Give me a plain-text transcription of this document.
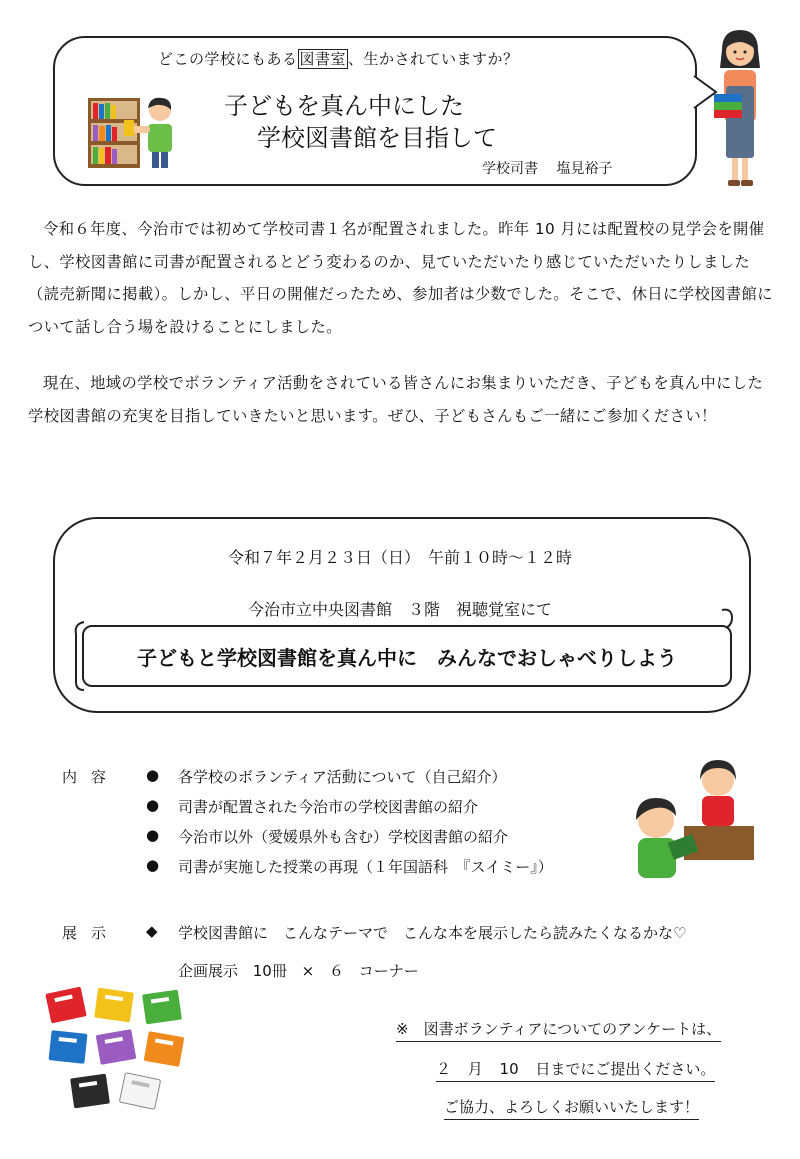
どこの学校にもある 図書室 、生かされていますか？
子どもを真ん中にした
学校図書館を目指して
学校司書 塩見裕子

令和６年度、今治市では初めて学校司書１名が配置されました。昨年 10 月には配置校の見学会を開催し、学校図書館に司書が配置されるとどう変わるのか、見ていただいたり感じていただいたりしました（読売新聞に掲載）。しかし、平日の開催だったため、参加者は少数でした。そこで、休日に学校図書館について話し合う場を設けることにしました。

現在、地域の学校でボランティア活動をされている皆さんにお集まりいただき、子どもを真ん中にした学校図書館の充実を目指していきたいと思います。ぜひ、子どもさんもご一緒にご参加ください！

令和７年２月２３日（日）　午前１０時～１２時
今治市立中央図書館　３階　視聴覚室にて
子どもと学校図書館を真ん中に　みんなでおしゃべりしよう
内容 ●
●
●
●
各学校のボランティア活動について（自己紹介）
司書が配置された今治市の学校図書館の紹介
今治市以外（愛媛県外も含む）学校図書館の紹介
司書が実施した授業の再現（１年国語科　『スイミー』）
展示 ◆ 学校図書館に　こんなテーマで　こんな本を展示したら読みたくなるかな♡
企画展示 10冊 × ６ コーナー
※　図書ボランティアについてのアンケートは、
２ 月 10 日までにご提出ください。
ご協力、よろしくお願いいたします！
